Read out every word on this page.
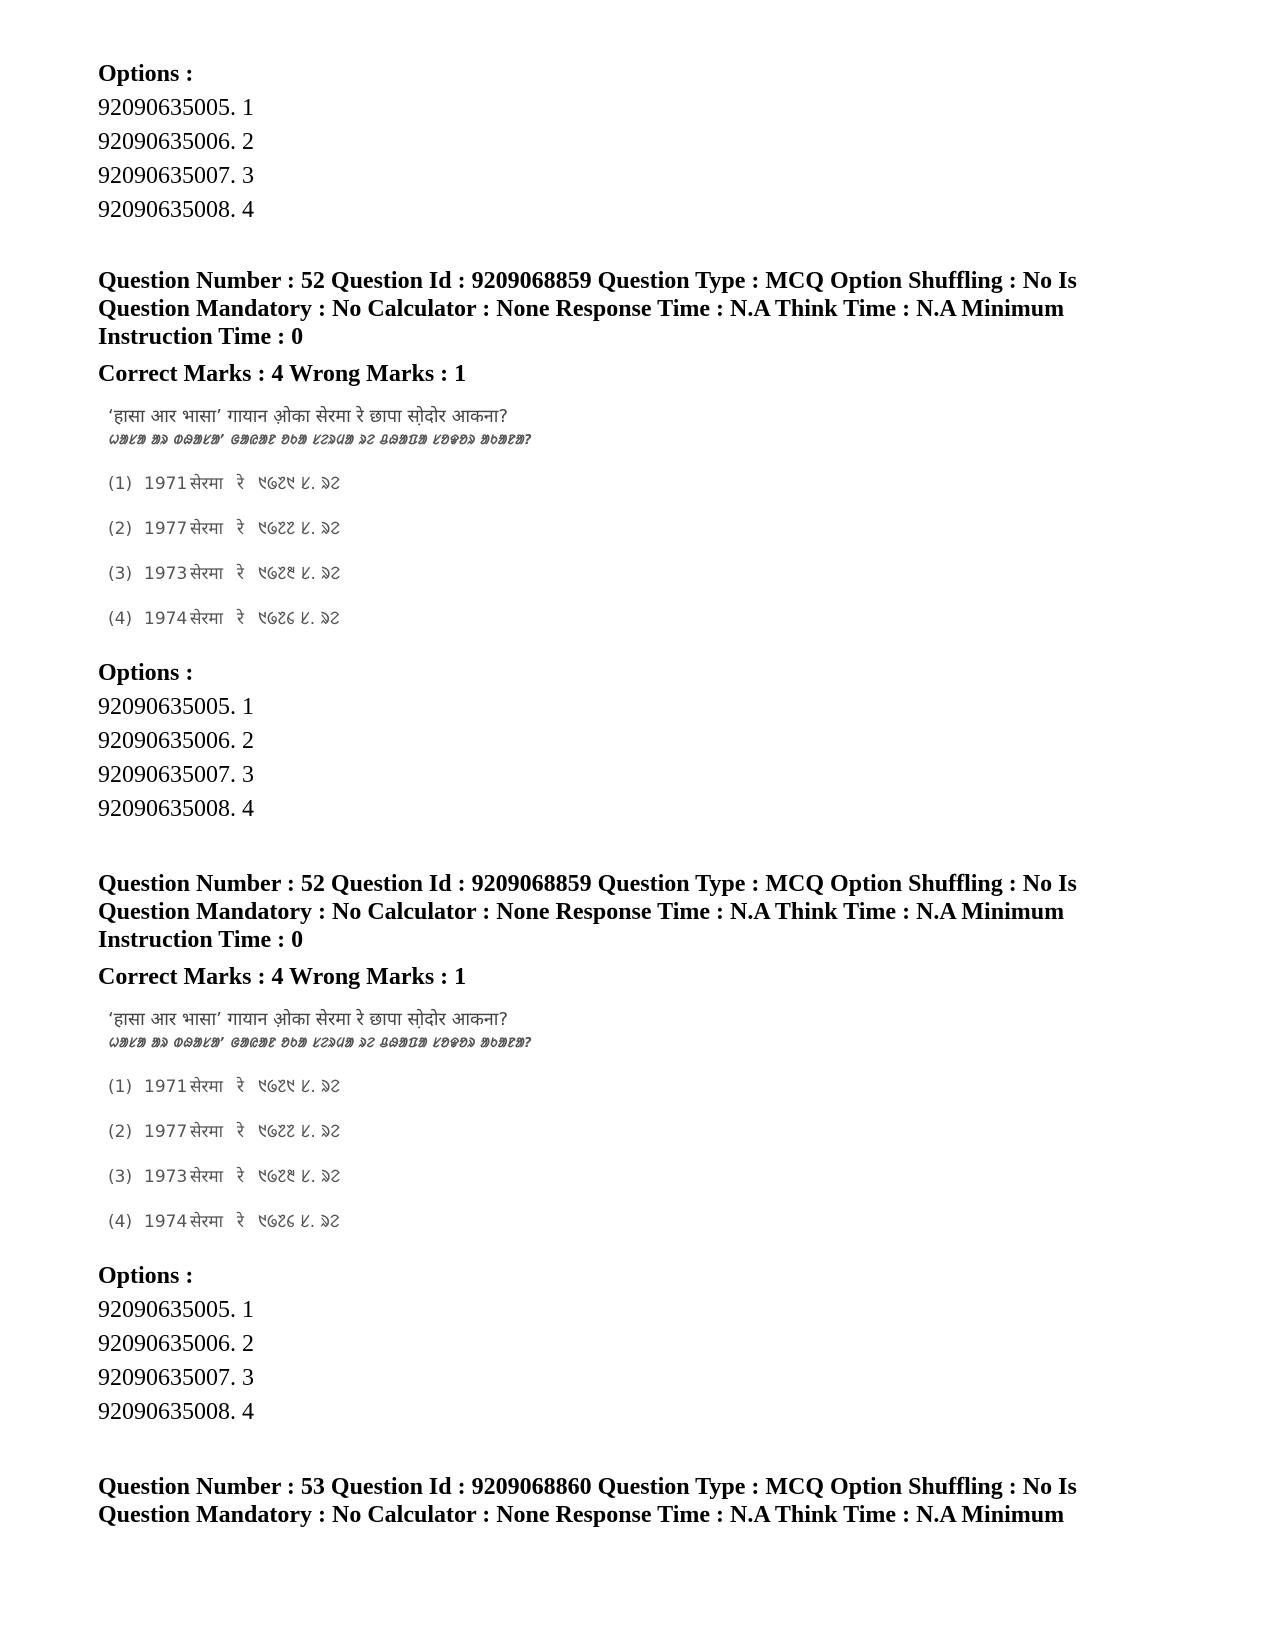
Options :
92090635005. 1
92090635006. 2
92090635007. 3
92090635008. 4
Question Number : 52 Question Id : 9209068859 Question Type : MCQ Option Shuffling : No Is
Question Mandatory : No Calculator : None Response Time : N.A Think Time : N.A Minimum
Instruction Time : 0
Correct Marks : 4 Wrong Marks : 1
‘हासा आर भासा’ गायान ओ़का सेरमा रे छापा सो़दोर आकना?
ᱦᱟᱥᱟ ᱟᱨ ᱵᱷᱟᱥᱟ’ ᱜᱟᱭᱟᱱ ᱚᱠᱟ ᱥᱮᱨᱢᱟ ᱨᱮ ᱪᱷᱟᱯᱟ ᱥᱚᱫᱚᱨ ᱟᱠᱟᱱᱟ?
(1) 1971 सेरमा रे ᱑᱙᱗᱑ ᱥ. ᱨᱮ
(2) 1977 सेरमा रे ᱑᱙᱗᱗ ᱥ. ᱨᱮ
(3) 1973 सेरमा रे ᱑᱙᱗᱓ ᱥ. ᱨᱮ
(4) 1974 सेरमा रे ᱑᱙᱗᱔ ᱥ. ᱨᱮ
Options :
92090635005. 1
92090635006. 2
92090635007. 3
92090635008. 4
Question Number : 52 Question Id : 9209068859 Question Type : MCQ Option Shuffling : No Is
Question Mandatory : No Calculator : None Response Time : N.A Think Time : N.A Minimum
Instruction Time : 0
Correct Marks : 4 Wrong Marks : 1
‘हासा आर भासा’ गायान ओ़का सेरमा रे छापा सो़दोर आकना?
ᱦᱟᱥᱟ ᱟᱨ ᱵᱷᱟᱥᱟ’ ᱜᱟᱭᱟᱱ ᱚᱠᱟ ᱥᱮᱨᱢᱟ ᱨᱮ ᱪᱷᱟᱯᱟ ᱥᱚᱫᱚᱨ ᱟᱠᱟᱱᱟ?
(1) 1971 सेरमा रे ᱑᱙᱗᱑ ᱥ. ᱨᱮ
(2) 1977 सेरमा रे ᱑᱙᱗᱗ ᱥ. ᱨᱮ
(3) 1973 सेरमा रे ᱑᱙᱗᱓ ᱥ. ᱨᱮ
(4) 1974 सेरमा रे ᱑᱙᱗᱔ ᱥ. ᱨᱮ
Options :
92090635005. 1
92090635006. 2
92090635007. 3
92090635008. 4
Question Number : 53 Question Id : 9209068860 Question Type : MCQ Option Shuffling : No Is
Question Mandatory : No Calculator : None Response Time : N.A Think Time : N.A Minimum
